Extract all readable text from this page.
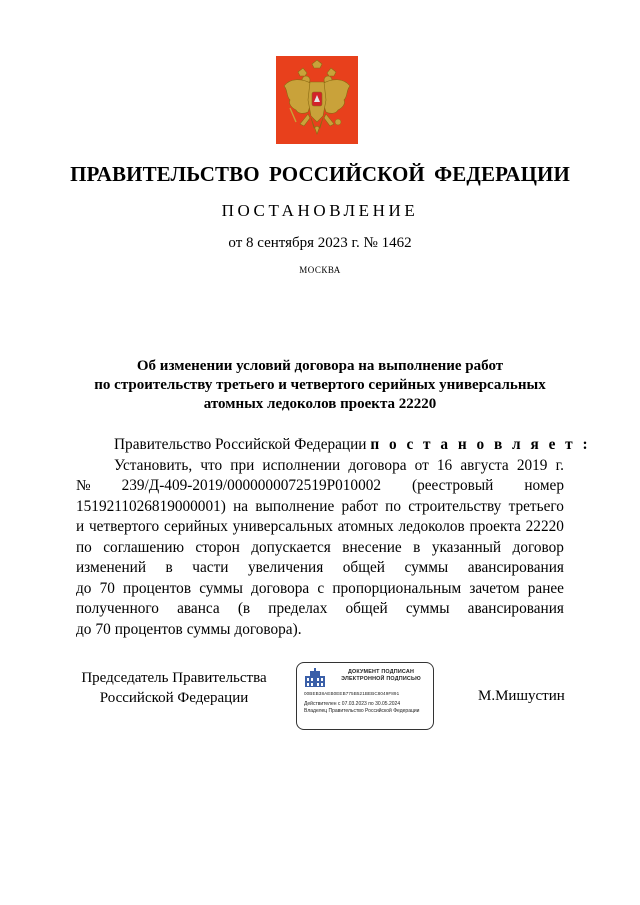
ПРАВИТЕЛЬСТВО РОССИЙСКОЙ ФЕДЕРАЦИИ
ПОСТАНОВЛЕНИЕ
от 8 сентября 2023 г. № 1462
МОСКВА
Об изменении условий договора на выполнение работ
по строительству третьего и четвертого серийных универсальных
атомных ледоколов проекта 22220
Правительство Российской Федерации
п о с т а н о в л я е т :
Установить, что при исполнении договора от 16 августа 2019 г.
№ 239/Д-409-2019/0000000072519Р010002 (реестровый номер
1519211026819000001) на выполнение работ по строительству третьего
и четвертого серийных универсальных атомных ледоколов проекта 22220
по соглашению сторон допускается внесение в указанный договор
изменений в части увеличения общей суммы авансирования
до 70 процентов суммы договора с пропорциональным зачетом ранее
полученного аванса (в пределах общей суммы авансирования
до 70 процентов суммы договора).
Председатель Правительства
Российской Федерации
ДОКУМЕНТ ПОДПИСАН
ЭЛЕКТРОННОЙ ПОДПИСЬЮ
00BEB38AEB0EEB775B521BEBC8049F891
Действителен с 07.03.2023 по 30.05.2024
Владелец Правительство Российской Федерации
М.Мишустин
